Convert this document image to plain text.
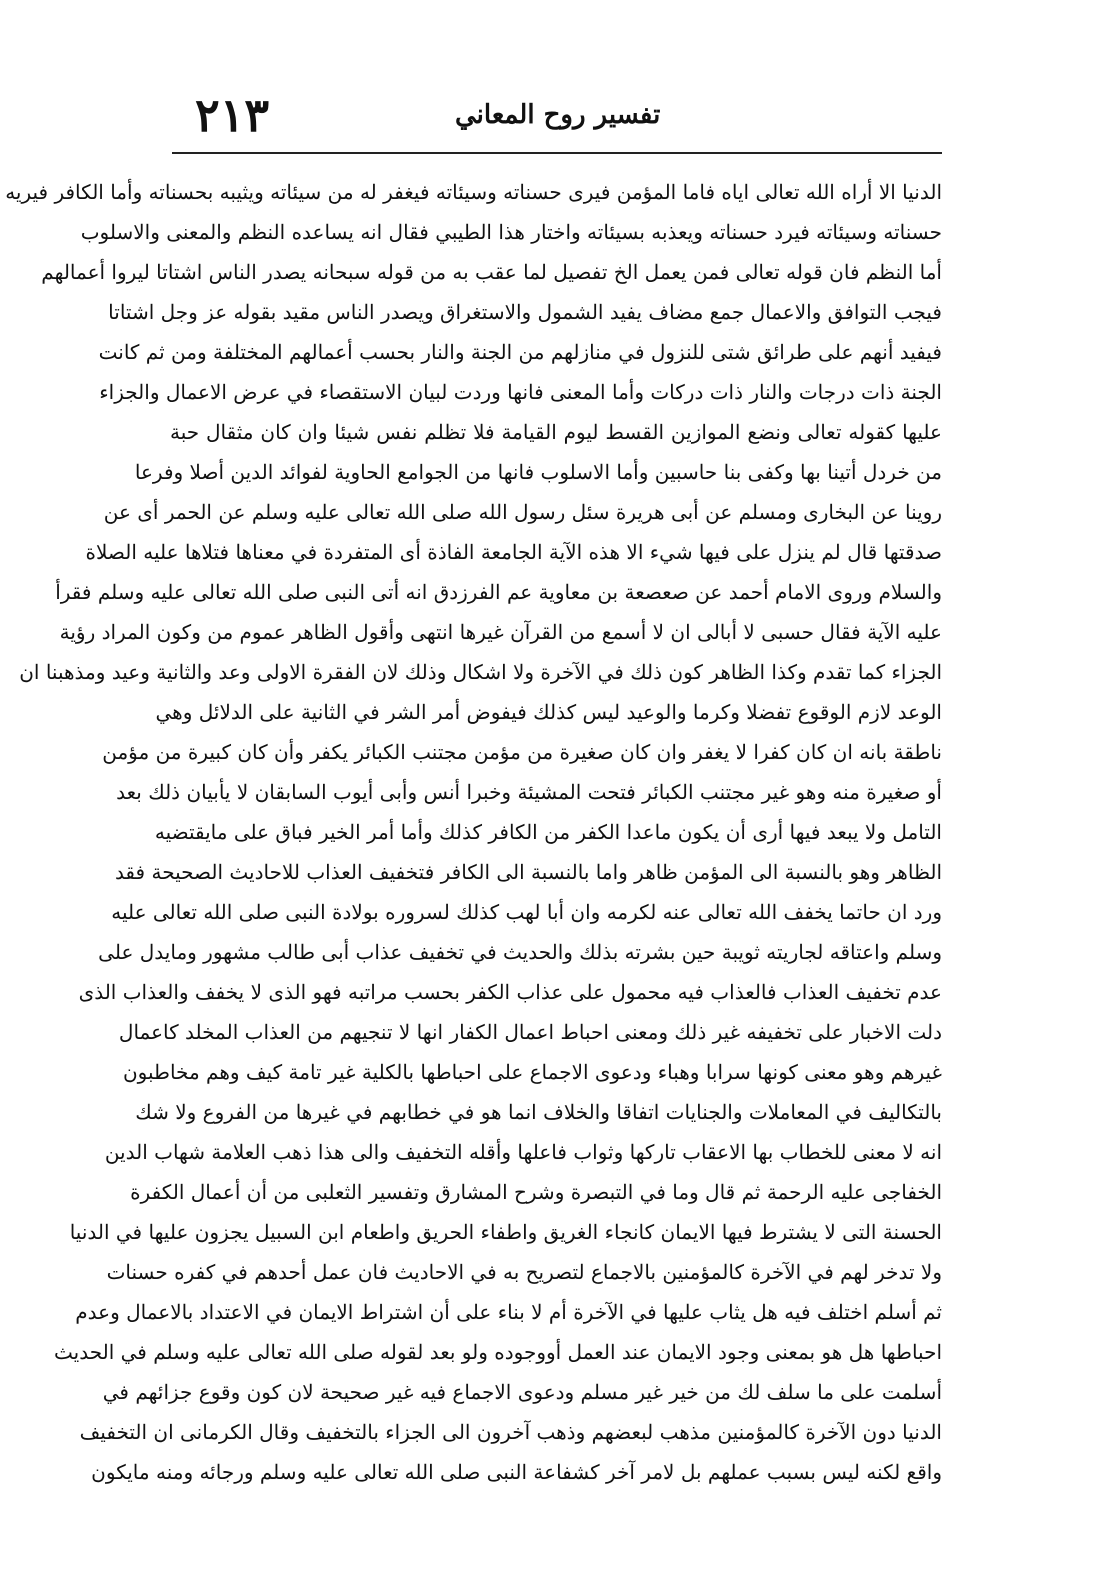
٢١٣	تفسير روح المعاني
الدنيا الا أراه الله تعالى اياه فاما المؤمن فيرى حسناته وسيئاته فيغفر له من سيئاته ويثيبه بحسناته وأما الكافر فيريه
حسناته وسيئاته فيرد حسناته ويعذبه بسيئاته واختار هذا الطيبي فقال انه يساعده النظم والمعنى والاسلوب
أما النظم فان قوله تعالى فمن يعمل الخ تفصيل لما عقب به من قوله سبحانه يصدر الناس اشتاتا ليروا أعمالهم
فيجب التوافق والاعمال جمع مضاف يفيد الشمول والاستغراق ويصدر الناس مقيد بقوله عز وجل اشتاتا
فيفيد أنهم على طرائق شتى للنزول في منازلهم من الجنة والنار بحسب أعمالهم المختلفة ومن ثم كانت
الجنة ذات درجات والنار ذات دركات وأما المعنى فانها وردت لبيان الاستقصاء في عرض الاعمال والجزاء
عليها كقوله تعالى ونضع الموازين القسط ليوم القيامة فلا تظلم نفس شيئا وان كان مثقال حبة
من خردل أتينا بها وكفى بنا حاسبين وأما الاسلوب فانها من الجوامع الحاوية لفوائد الدين أصلا وفرعا
روينا عن البخارى ومسلم عن أبى هريرة سئل رسول الله صلى الله تعالى عليه وسلم عن الحمر أى عن
صدقتها قال لم ينزل على فيها شيء الا هذه الآية الجامعة الفاذة أى المتفردة في معناها فتلاها عليه الصلاة
والسلام وروى الامام أحمد عن صعصعة بن معاوية عم الفرزدق انه أتى النبى صلى الله تعالى عليه وسلم فقرأ
عليه الآية فقال حسبى لا أبالى ان لا أسمع من القرآن غيرها انتهى وأقول الظاهر عموم من وكون المراد رؤية
الجزاء كما تقدم وكذا الظاهر كون ذلك في الآخرة ولا اشكال وذلك لان الفقرة الاولى وعد والثانية وعيد ومذهبنا ان
الوعد لازم الوقوع تفضلا وكرما والوعيد ليس كذلك فيفوض أمر الشر في الثانية على الدلائل وهي
ناطقة بانه ان كان كفرا لا يغفر وان كان صغيرة من مؤمن مجتنب الكبائر يكفر وأن كان كبيرة من مؤمن
أو صغيرة منه وهو غير مجتنب الكبائر فتحت المشيئة وخبرا أنس وأبى أيوب السابقان لا يأبيان ذلك بعد
التامل ولا يبعد فيها أرى أن يكون ماعدا الكفر من الكافر كذلك وأما أمر الخير فباق على مايقتضيه
الظاهر وهو بالنسبة الى المؤمن ظاهر واما بالنسبة الى الكافر فتخفيف العذاب للاحاديث الصحيحة فقد
ورد ان حاتما يخفف الله تعالى عنه لكرمه وان أبا لهب كذلك لسروره بولادة النبى صلى الله تعالى عليه
وسلم واعتاقه لجاريته ثويبة حين بشرته بذلك والحديث في تخفيف عذاب أبى طالب مشهور ومايدل على
عدم تخفيف العذاب فالعذاب فيه محمول على عذاب الكفر بحسب مراتبه فهو الذى لا يخفف والعذاب الذى
دلت الاخبار على تخفيفه غير ذلك ومعنى احباط اعمال الكفار انها لا تنجيهم من العذاب المخلد كاعمال
غيرهم وهو معنى كونها سرابا وهباء ودعوى الاجماع على احباطها بالكلية غير تامة كيف وهم مخاطبون
بالتكاليف في المعاملات والجنايات اتفاقا والخلاف انما هو في خطابهم في غيرها من الفروع ولا شك
انه لا معنى للخطاب بها الاعقاب تاركها وثواب فاعلها وأقله التخفيف والى هذا ذهب العلامة شهاب الدين
الخفاجى عليه الرحمة ثم قال وما في التبصرة وشرح المشارق وتفسير الثعلبى من أن أعمال الكفرة
الحسنة التى لا يشترط فيها الايمان كانجاء الغريق واطفاء الحريق واطعام ابن السبيل يجزون عليها في الدنيا
ولا تدخر لهم في الآخرة كالمؤمنين بالاجماع لتصريح به في الاحاديث فان عمل أحدهم في كفره حسنات
ثم أسلم اختلف فيه هل يثاب عليها في الآخرة أم لا بناء على أن اشتراط الايمان في الاعتداد بالاعمال وعدم
احباطها هل هو بمعنى وجود الايمان عند العمل أووجوده ولو بعد لقوله صلى الله تعالى عليه وسلم في الحديث
أسلمت على ما سلف لك من خير غير مسلم ودعوى الاجماع فيه غير صحيحة لان كون وقوع جزائهم في
الدنيا دون الآخرة كالمؤمنين مذهب لبعضهم وذهب آخرون الى الجزاء بالتخفيف وقال الكرمانى ان التخفيف
واقع لكنه ليس بسبب عملهم بل لامر آخر كشفاعة النبى صلى الله تعالى عليه وسلم ورجائه ومنه مايكون
